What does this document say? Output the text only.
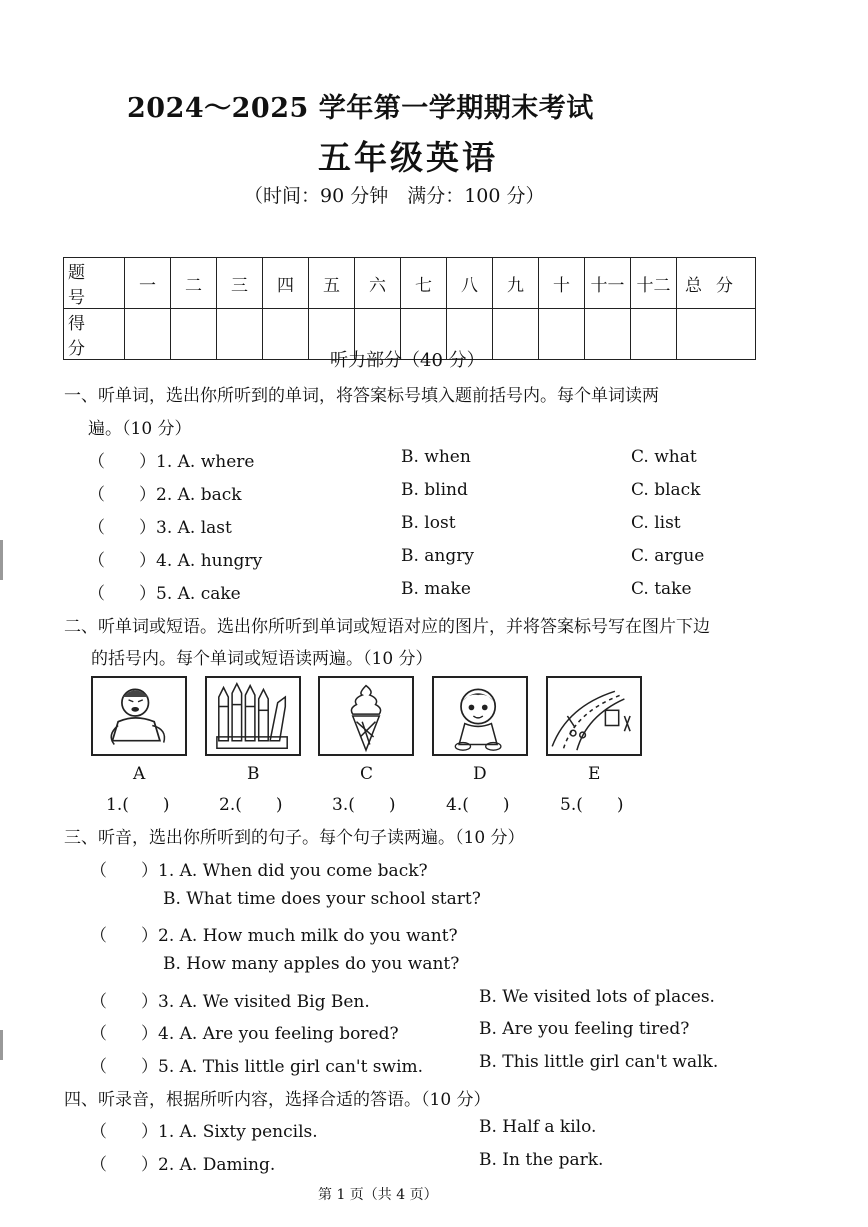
2024～2025 学年第一学期期末考试
五年级英语
（时间：90 分钟　满分：100 分）
题号	一	二	三	四	五	六	七	八	九	十	十一	十二	总分
得分													
听力部分（40 分）
一、听单词，选出你所听到的单词，将答案标号填入题前括号内。每个单词读两
遍。（10 分）
（　　）1. A. where	B. when	C. what
（　　）2. A. back	B. blind	C. black
（　　）3. A. last	B. lost	C. list
（　　）4. A. hungry	B. angry	C. argue
（　　）5. A. cake	B. make	C. take
二、听单词或短语。选出你所听到单词或短语对应的图片，并将答案标号写在图片下边
的括号内。每个单词或短语读两遍。（10 分）
A	B	C	D	E
1.(　　)	2.(　　)	3.(　　)	4.(　　)	5.(　　)
三、听音，选出你所听到的句子。每个句子读两遍。（10 分）
（　　）1. A. When did you come back?
B. What time does your school start?
（　　）2. A. How much milk do you want?
B. How many apples do you want?
（　　）3. A. We visited Big Ben.	B. We visited lots of places.
（　　）4. A. Are you feeling bored?	B. Are you feeling tired?
（　　）5. A. This little girl can't swim.	B. This little girl can't walk.
四、听录音，根据所听内容，选择合适的答语。（10 分）
（　　）1. A. Sixty pencils.	B. Half a kilo.
（　　）2. A. Daming.	B. In the park.
第 1 页（共 4 页）
